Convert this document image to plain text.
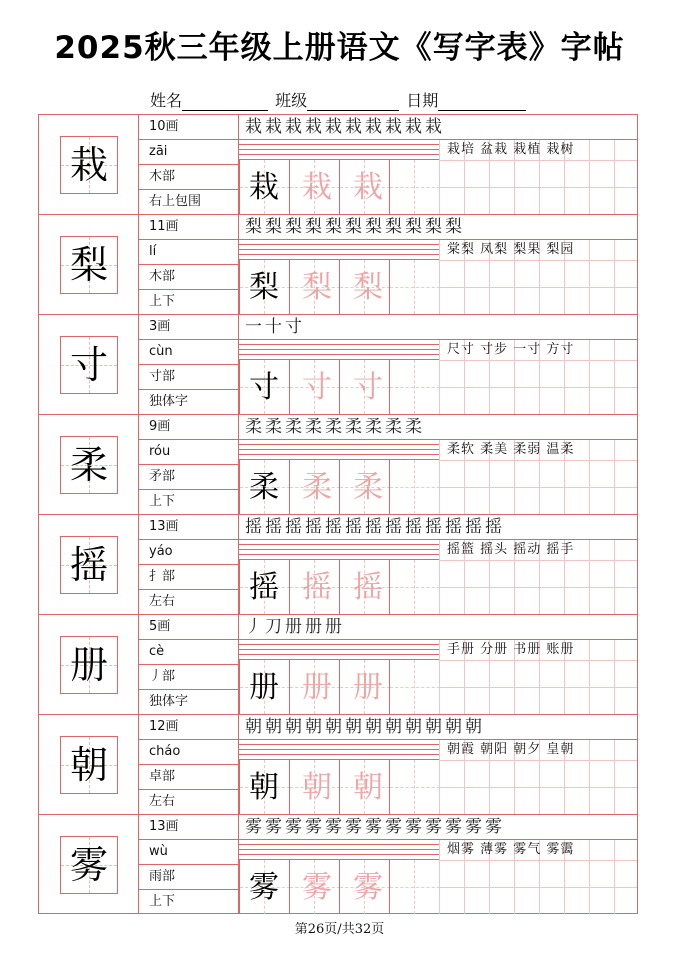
2025秋三年级上册语文《写字表》字帖
姓名	班级	日期
栽
10画
zāi
木部
右上包围
栽栽栽栽栽栽栽栽栽栽
栽 栽 栽
栽培 盆栽 栽植 栽树
梨
11画
lí
木部
上下
梨梨梨梨梨梨梨梨梨梨梨
梨 梨 梨
棠梨 凤梨 梨果 梨园
寸
3画
cùn
寸部
独体字
一十寸
寸 寸 寸
尺寸 寸步 一寸 方寸
柔
9画
róu
矛部
上下
柔柔柔柔柔柔柔柔柔
柔 柔 柔
柔软 柔美 柔弱 温柔
摇
13画
yáo
扌部
左右
摇摇摇摇摇摇摇摇摇摇摇摇摇
摇 摇 摇
摇篮 摇头 摇动 摇手
册
5画
cè
丿部
独体字
丿刀册册册
册 册 册
手册 分册 书册 账册
朝
12画
cháo
卓部
左右
朝朝朝朝朝朝朝朝朝朝朝朝
朝 朝 朝
朝霞 朝阳 朝夕 皇朝
雾
13画
wù
雨部
上下
雾雾雾雾雾雾雾雾雾雾雾雾雾
雾 雾 雾
烟雾 薄雾 雾气 雾霭
第26页/共32页
